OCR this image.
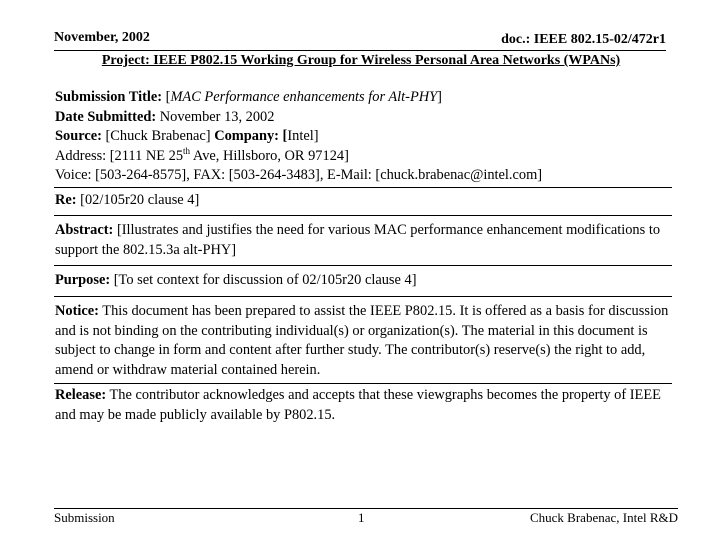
November, 2002	doc.: IEEE 802.15-02/472r1
Project: IEEE P802.15 Working Group for Wireless Personal Area Networks (WPANs)
Submission Title: [MAC Performance enhancements for Alt-PHY]
Date Submitted: November 13, 2002
Source: [Chuck Brabenac] Company: [Intel]
Address: [2111 NE 25th Ave, Hillsboro, OR 97124]
Voice: [503-264-8575], FAX: [503-264-3483], E-Mail: [chuck.brabenac@intel.com]
Re: [02/105r20 clause 4]
Abstract: [Illustrates and justifies the need for various MAC performance enhancement modifications to support the 802.15.3a alt-PHY]
Purpose: [To set context for discussion of 02/105r20 clause 4]
Notice: This document has been prepared to assist the IEEE P802.15. It is offered as a basis for discussion and is not binding on the contributing individual(s) or organization(s). The material in this document is subject to change in form and content after further study. The contributor(s) reserve(s) the right to add, amend or withdraw material contained herein.
Release: The contributor acknowledges and accepts that these viewgraphs becomes the property of IEEE and may be made publicly available by P802.15.
Submission	1	Chuck Brabenac, Intel R&D
